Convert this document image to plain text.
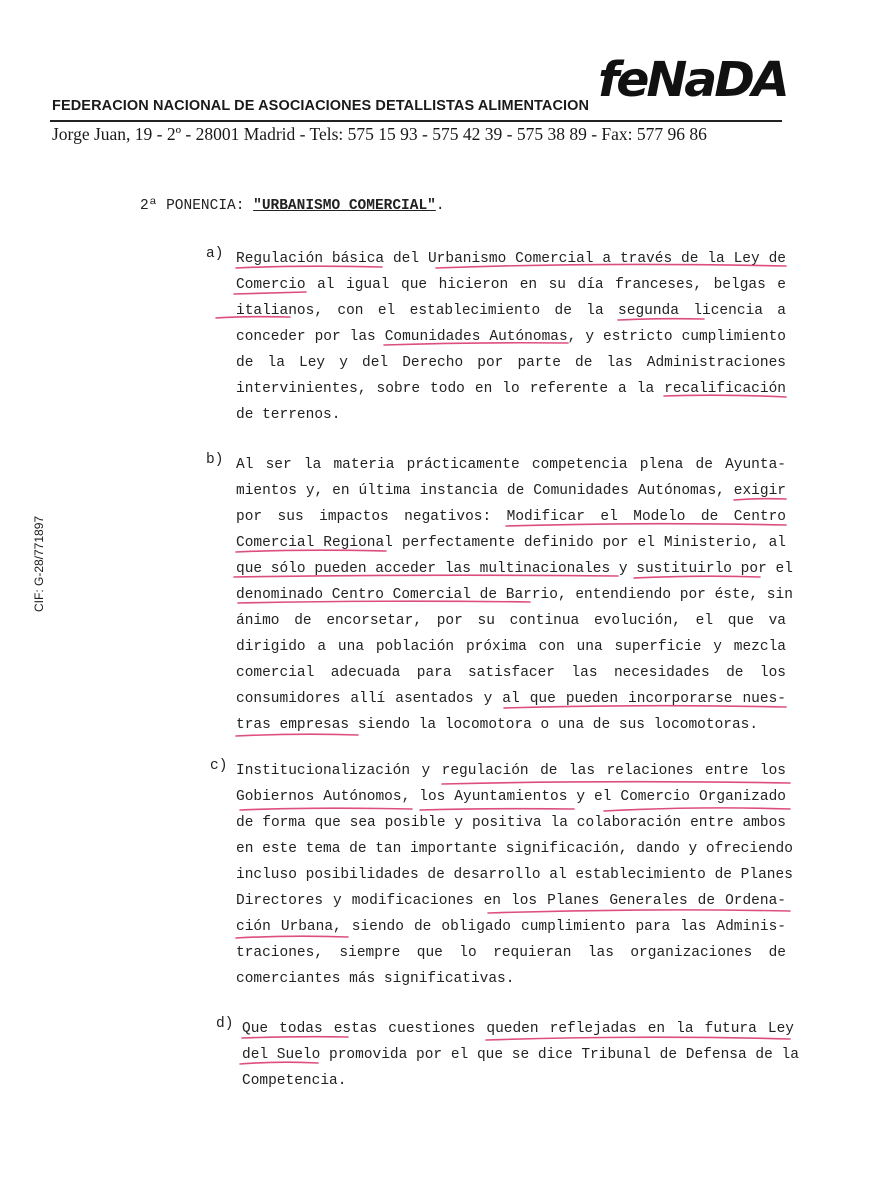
feNaDA
FEDERACION NACIONAL DE ASOCIACIONES DETALLISTAS ALIMENTACION
Jorge Juan, 19 - 2º - 28001 Madrid - Tels: 575 15 93 - 575 42 39 - 575 38 89 - Fax: 577 96 86
CIF: G-28/771897
2ª PONENCIA: "URBANISMO COMERCIAL".
a) Regulación básica del Urbanismo Comercial a través de la Ley de
Comercio al igual que hicieron en su día franceses, belgas e
italianos, con el establecimiento de la segunda licencia a
conceder por las Comunidades Autónomas, y estricto cumplimiento
de la Ley y del Derecho por parte de las Administraciones
intervinientes, sobre todo en lo referente a la recalificación
de terrenos.
b) Al ser la materia prácticamente competencia plena de Ayunta-
mientos y, en última instancia de Comunidades Autónomas, exigir
por sus impactos negativos: Modificar el Modelo de Centro
Comercial Regional perfectamente definido por el Ministerio, al
que sólo pueden acceder las multinacionales y sustituirlo por el
denominado Centro Comercial de Barrio, entendiendo por éste, sin
ánimo de encorsetar, por su continua evolución, el que va
dirigido a una población próxima con una superficie y mezcla
comercial adecuada para satisfacer las necesidades de los
consumidores allí asentados y al que pueden incorporarse nues-
tras empresas siendo la locomotora o una de sus locomotoras.
c) Institucionalización y regulación de las relaciones entre los
Gobiernos Autónomos, los Ayuntamientos y el Comercio Organizado
de forma que sea posible y positiva la colaboración entre ambos
en este tema de tan importante significación, dando y ofreciendo
incluso posibilidades de desarrollo al establecimiento de Planes
Directores y modificaciones en los Planes Generales de Ordena-
ción Urbana, siendo de obligado cumplimiento para las Adminis-
traciones, siempre que lo requieran las organizaciones de
comerciantes más significativas.
d) Que todas estas cuestiones queden reflejadas en la futura Ley
del Suelo promovida por el que se dice Tribunal de Defensa de la
Competencia.
